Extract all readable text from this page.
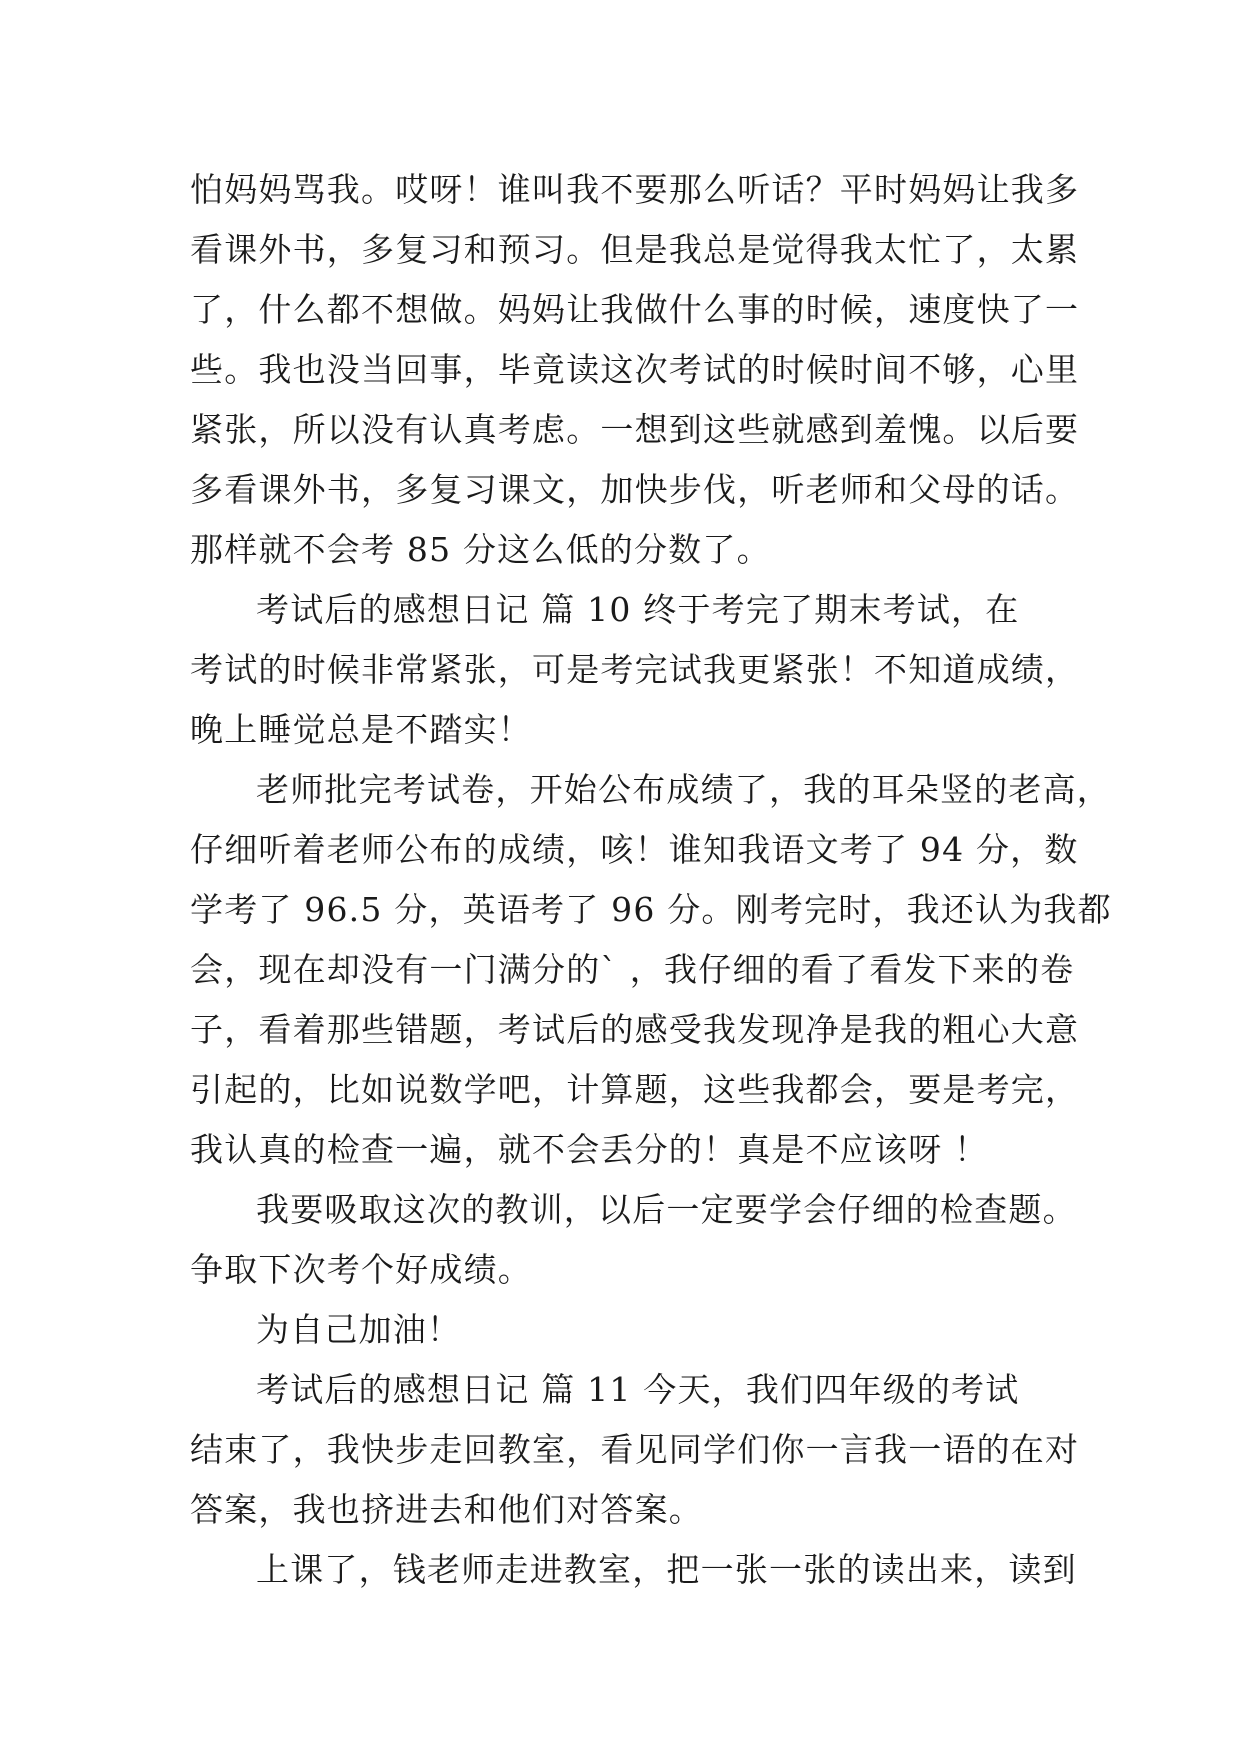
怕妈妈骂我。哎呀！谁叫我不要那么听话？平时妈妈让我多
看课外书，多复习和预习。但是我总是觉得我太忙了，太累
了，什么都不想做。妈妈让我做什么事的时候，速度快了一
些。我也没当回事，毕竟读这次考试的时候时间不够，心里
紧张，所以没有认真考虑。一想到这些就感到羞愧。以后要
多看课外书，多复习课文，加快步伐，听老师和父母的话。
那样就不会考 85 分这么低的分数了。
考试后的感想日记 篇 10 终于考完了期末考试，在
考试的时候非常紧张，可是考完试我更紧张！不知道成绩，
晚上睡觉总是不踏实！
老师批完考试卷，开始公布成绩了，我的耳朵竖的老高，
仔细听着老师公布的成绩，咳！谁知我语文考了 94 分，数
学考了 96.5 分，英语考了 96 分。刚考完时，我还认为我都
会，现在却没有一门满分的` ，我仔细的看了看发下来的卷
子，看着那些错题，考试后的感受我发现净是我的粗心大意
引起的，比如说数学吧，计算题，这些我都会，要是考完，
我认真的检查一遍，就不会丢分的！真是不应该呀 ！
我要吸取这次的教训，以后一定要学会仔细的检查题。
争取下次考个好成绩。
为自己加油！
考试后的感想日记 篇 11 今天，我们四年级的考试
结束了，我快步走回教室，看见同学们你一言我一语的在对
答案，我也挤进去和他们对答案。
上课了，钱老师走进教室，把一张一张的读出来，读到
